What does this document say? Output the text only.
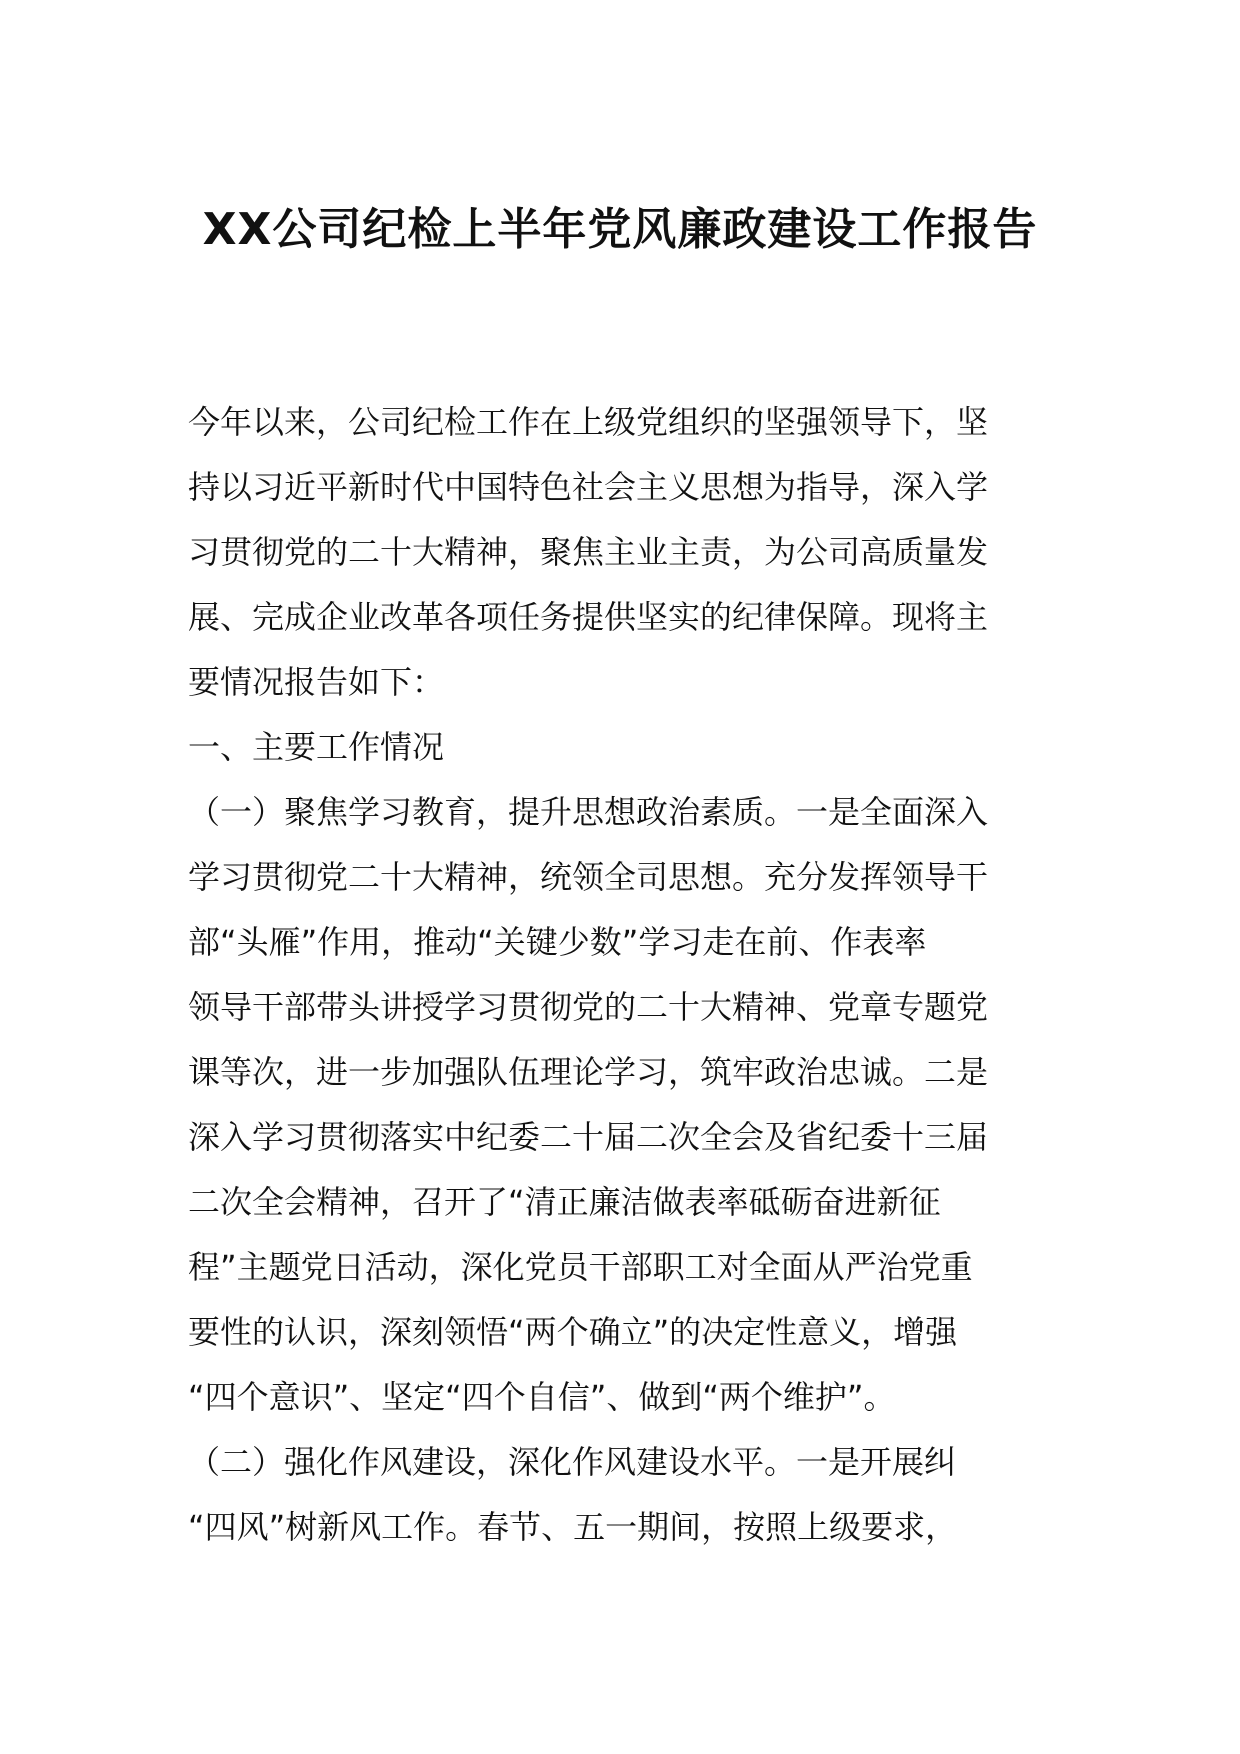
XX公司纪检上半年党风廉政建设工作报告
今年以来，公司纪检工作在上级党组织的坚强领导下，坚
持以习近平新时代中国特色社会主义思想为指导，深入学
习贯彻党的二十大精神，聚焦主业主责，为公司高质量发
展、完成企业改革各项任务提供坚实的纪律保障。现将主
要情况报告如下：
一、主要工作情况
（一）聚焦学习教育，提升思想政治素质。一是全面深入
学习贯彻党二十大精神，统领全司思想。充分发挥领导干
部“头雁”作用，推动“关键少数”学习走在前、作表率
领导干部带头讲授学习贯彻党的二十大精神、党章专题党
课等次，进一步加强队伍理论学习，筑牢政治忠诚。二是
深入学习贯彻落实中纪委二十届二次全会及省纪委十三届
二次全会精神，召开了“清正廉洁做表率砥砺奋进新征
程”主题党日活动，深化党员干部职工对全面从严治党重
要性的认识，深刻领悟“两个确立”的决定性意义，增强
“四个意识”、坚定“四个自信”、做到“两个维护”。
（二）强化作风建设，深化作风建设水平。一是开展纠
“四风”树新风工作。春节、五一期间，按照上级要求，
